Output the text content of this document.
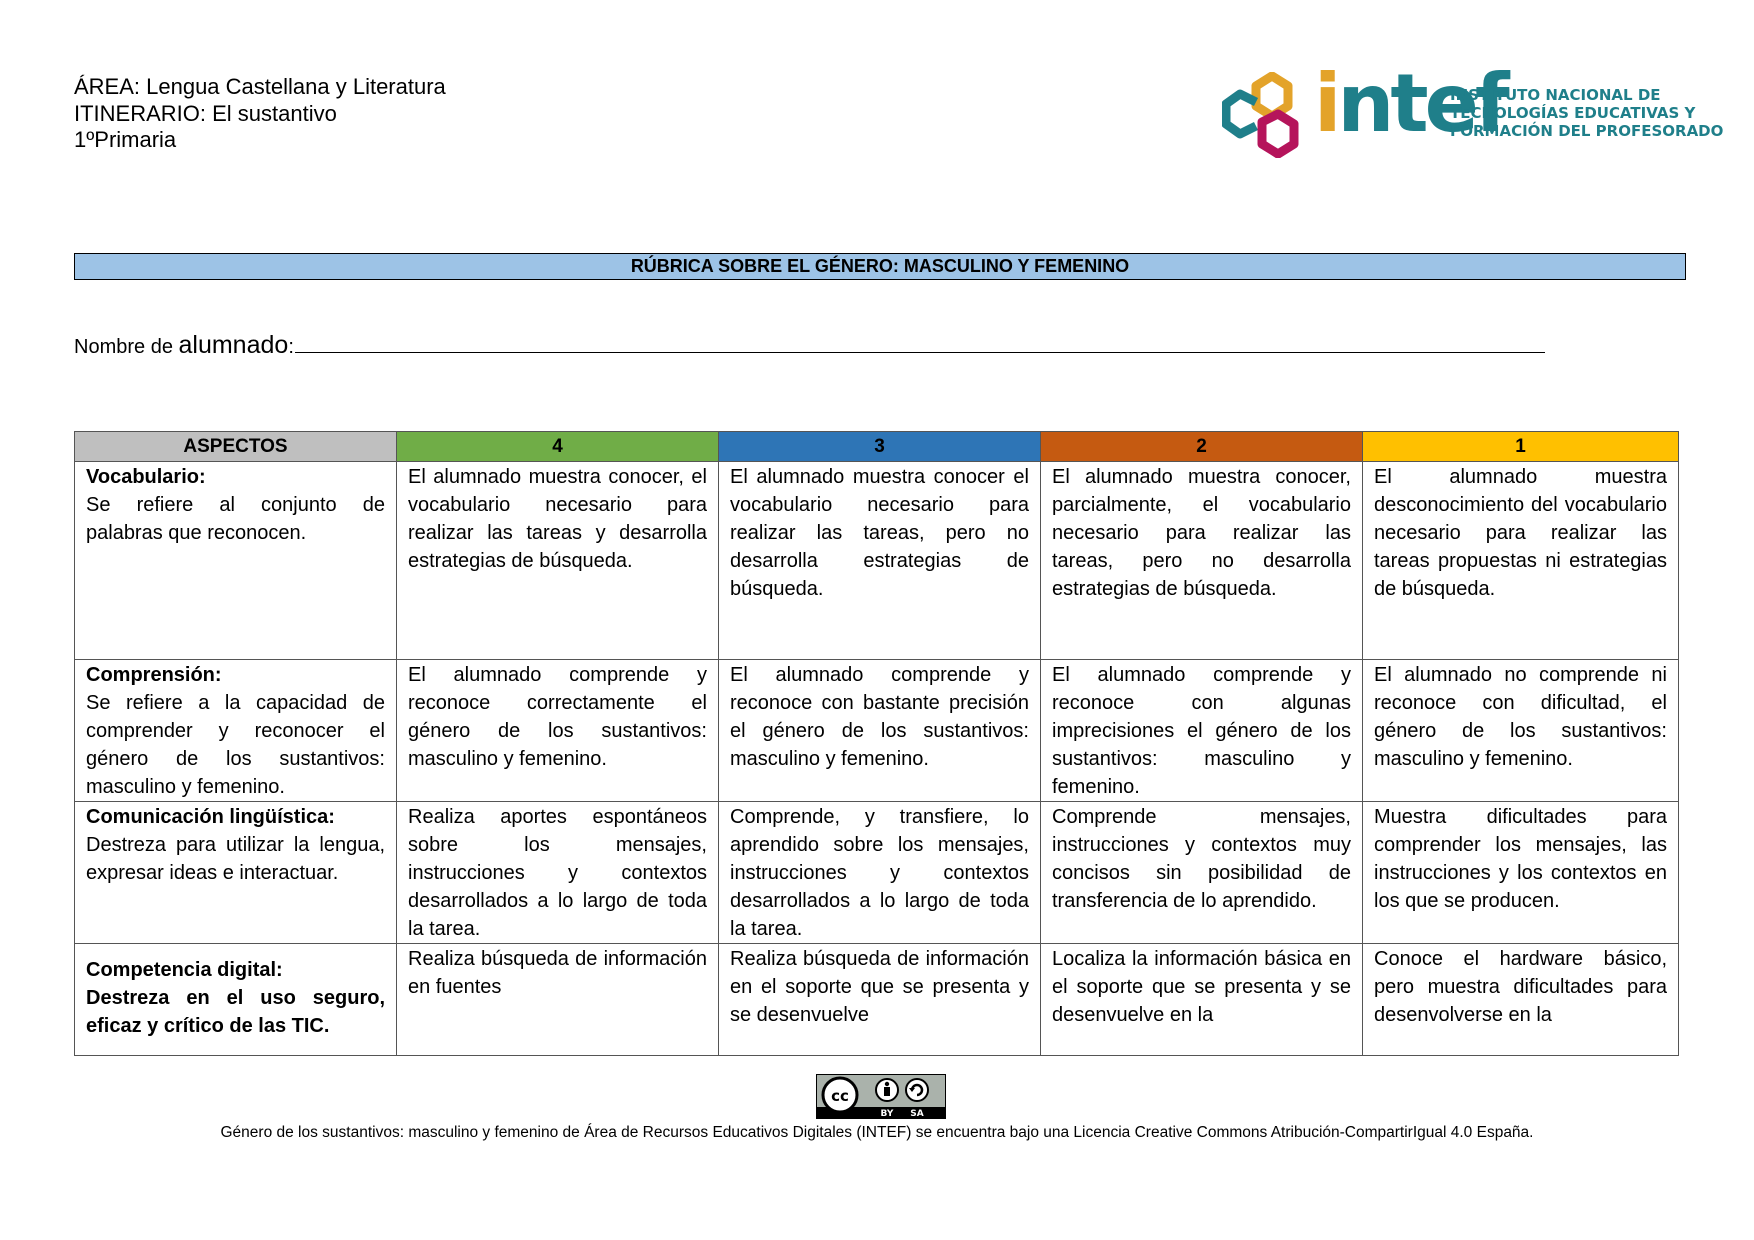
ÁREA: Lengua Castellana y Literatura
ITINERARIO: El sustantivo
1ºPrimaria	intef
INSTITUTO NACIONAL DE
TECNOLOGÍAS EDUCATIVAS Y
FORMACIÓN DEL PROFESORADO
RÚBRICA SOBRE EL GÉNERO: MASCULINO Y FEMENINO
Nombre de alumnado:
ASPECTOS	4	3	2	1

Vocabulario:
Se refiere al conjunto de palabras que reconocen.	El alumnado muestra conocer, el vocabulario necesario para realizar las tareas y desarrolla estrategias de búsqueda.	El alumnado muestra conocer el vocabulario necesario para realizar las tareas, pero no desarrolla estrategias de búsqueda.	El alumnado muestra conocer, parcialmente, el vocabulario necesario para realizar las tareas, pero no desarrolla estrategias de búsqueda.	El alumnado muestra desconocimiento del vocabulario necesario para realizar las tareas propuestas ni estrategias de búsqueda.

Comprensión:
Se refiere a la capacidad de comprender y reconocer el género de los sustantivos: masculino y femenino.	El alumnado comprende y reconoce correctamente el género de los sustantivos: masculino y femenino.	El alumnado comprende y reconoce con bastante precisión el género de los sustantivos: masculino y femenino.	El alumnado comprende y reconoce con algunas imprecisiones el género de los sustantivos: masculino y femenino.	El alumnado no comprende ni reconoce con dificultad, el género de los sustantivos: masculino y femenino.

Comunicación lingüística:
Destreza para utilizar la lengua, expresar ideas e interactuar.	Realiza aportes espontáneos sobre los mensajes, instrucciones y contextos desarrollados a lo largo de toda la tarea.	Comprende, y transfiere, lo aprendido sobre los mensajes, instrucciones y contextos desarrollados a lo largo de toda la tarea.	Comprende mensajes, instrucciones y contextos muy concisos sin posibilidad de transferencia de lo aprendido.	Muestra dificultades para comprender los mensajes, las instrucciones y los contextos en los que se producen.

Competencia digital:
Destreza en el uso seguro, eficaz y crítico de las TIC.	Realiza búsqueda de información en fuentes	Realiza búsqueda de información en el soporte que se presenta y se desenvuelve	Localiza la información básica en el soporte que se presenta y se desenvuelve en la	Conoce el hardware básico, pero muestra dificultades para desenvolverse en la
cc
BY SA
Género de los sustantivos: masculino y femenino de Área de Recursos Educativos Digitales (INTEF) se encuentra bajo una Licencia Creative Commons Atribución-CompartirIgual 4.0 España.
